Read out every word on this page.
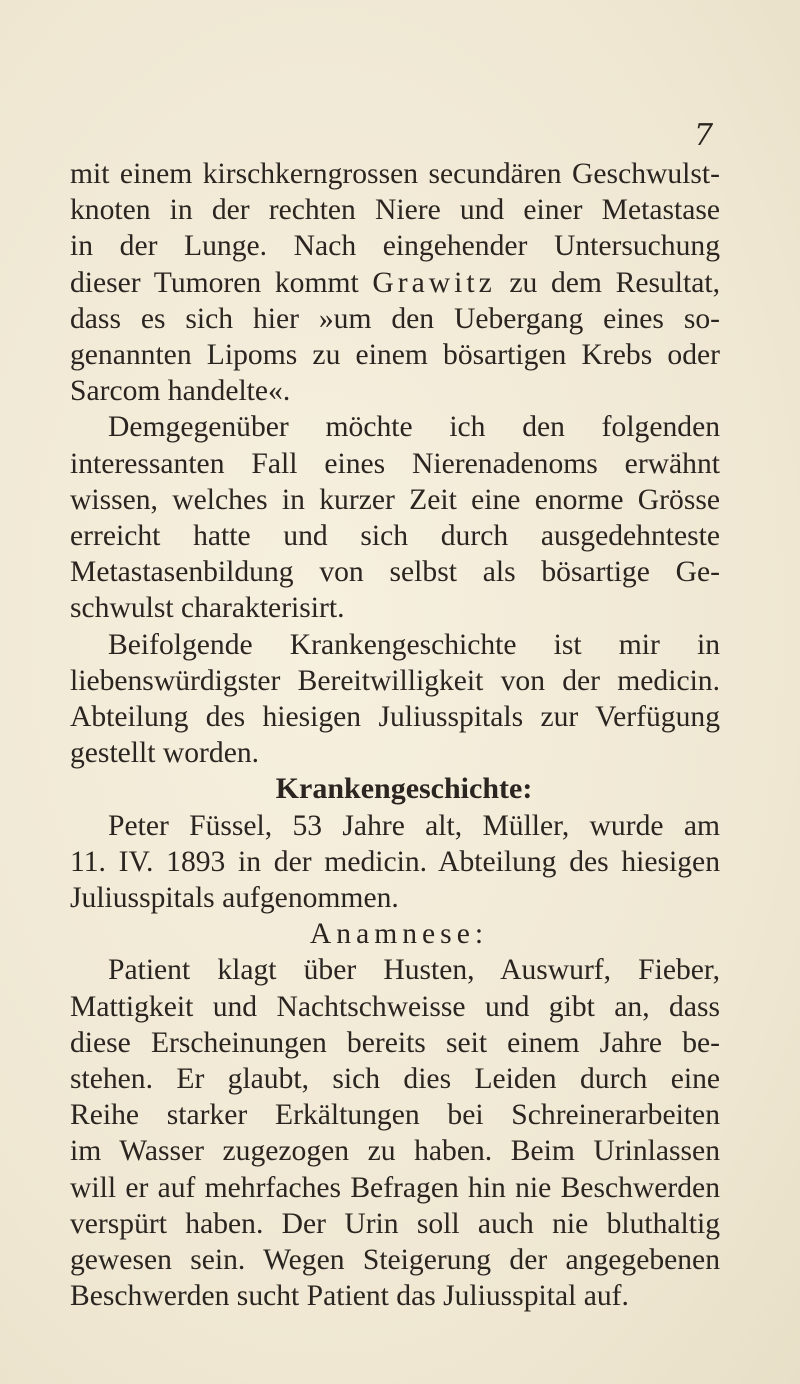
7
mit einem kirschkerngrossen secundären Geschwulst-
knoten in der rechten Niere und einer Metastase
in der Lunge. Nach eingehender Untersuchung
dieser Tumoren kommt Grawitz zu dem Resultat,
dass es sich hier »um den Uebergang eines so-
genannten Lipoms zu einem bösartigen Krebs oder
Sarcom handelte«.
Demgegenüber möchte ich den folgenden
interessanten Fall eines Nierenadenoms erwähnt
wissen, welches in kurzer Zeit eine enorme Grösse
erreicht hatte und sich durch ausgedehnteste
Metastasenbildung von selbst als bösartige Ge-
schwulst charakterisirt.
Beifolgende Krankengeschichte ist mir in
liebenswürdigster Bereitwilligkeit von der medicin.
Abteilung des hiesigen Juliusspitals zur Verfügung
gestellt worden.
Krankengeschichte:
Peter Füssel, 53 Jahre alt, Müller, wurde am
11. IV. 1893 in der medicin. Abteilung des hiesigen
Juliusspitals aufgenommen.
Anamnese:
Patient klagt über Husten, Auswurf, Fieber,
Mattigkeit und Nachtschweisse und gibt an, dass
diese Erscheinungen bereits seit einem Jahre be-
stehen. Er glaubt, sich dies Leiden durch eine
Reihe starker Erkältungen bei Schreinerarbeiten
im Wasser zugezogen zu haben. Beim Urinlassen
will er auf mehrfaches Befragen hin nie Beschwerden
verspürt haben. Der Urin soll auch nie bluthaltig
gewesen sein. Wegen Steigerung der angegebenen
Beschwerden sucht Patient das Juliusspital auf.
